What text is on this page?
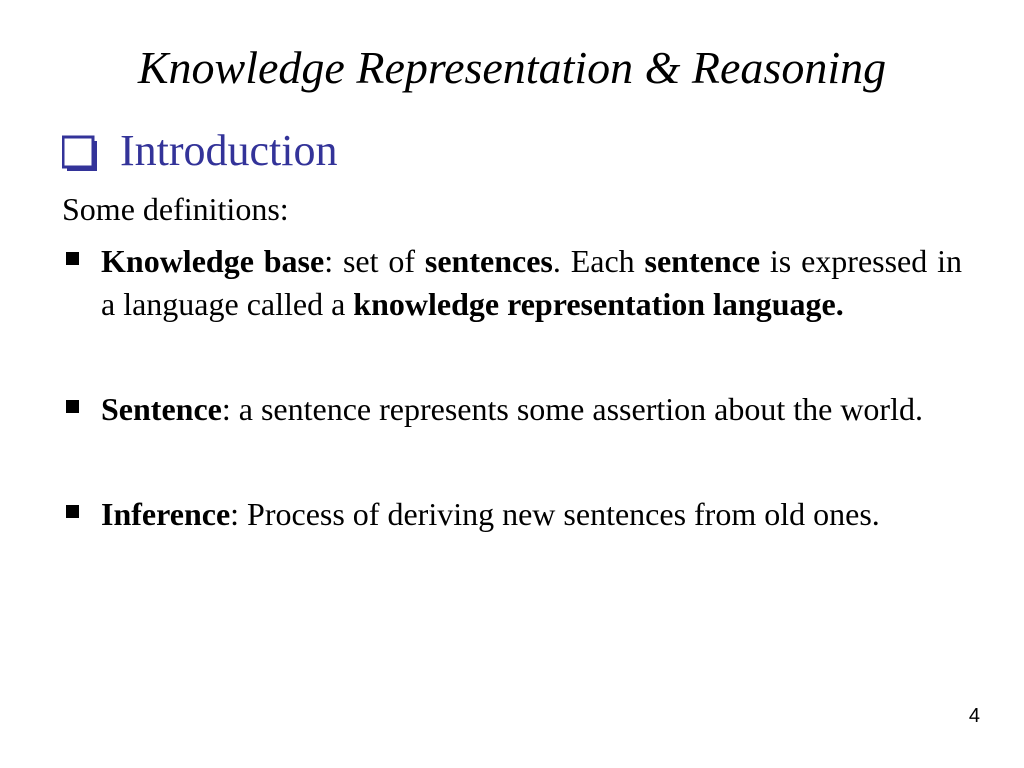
Knowledge Representation & Reasoning
Introduction
Some definitions:
Knowledge base: set of sentences. Each sentence is expressed in a language called a knowledge representation language.
Sentence: a sentence represents some assertion about the world.
Inference: Process of deriving new sentences from old ones.
4
